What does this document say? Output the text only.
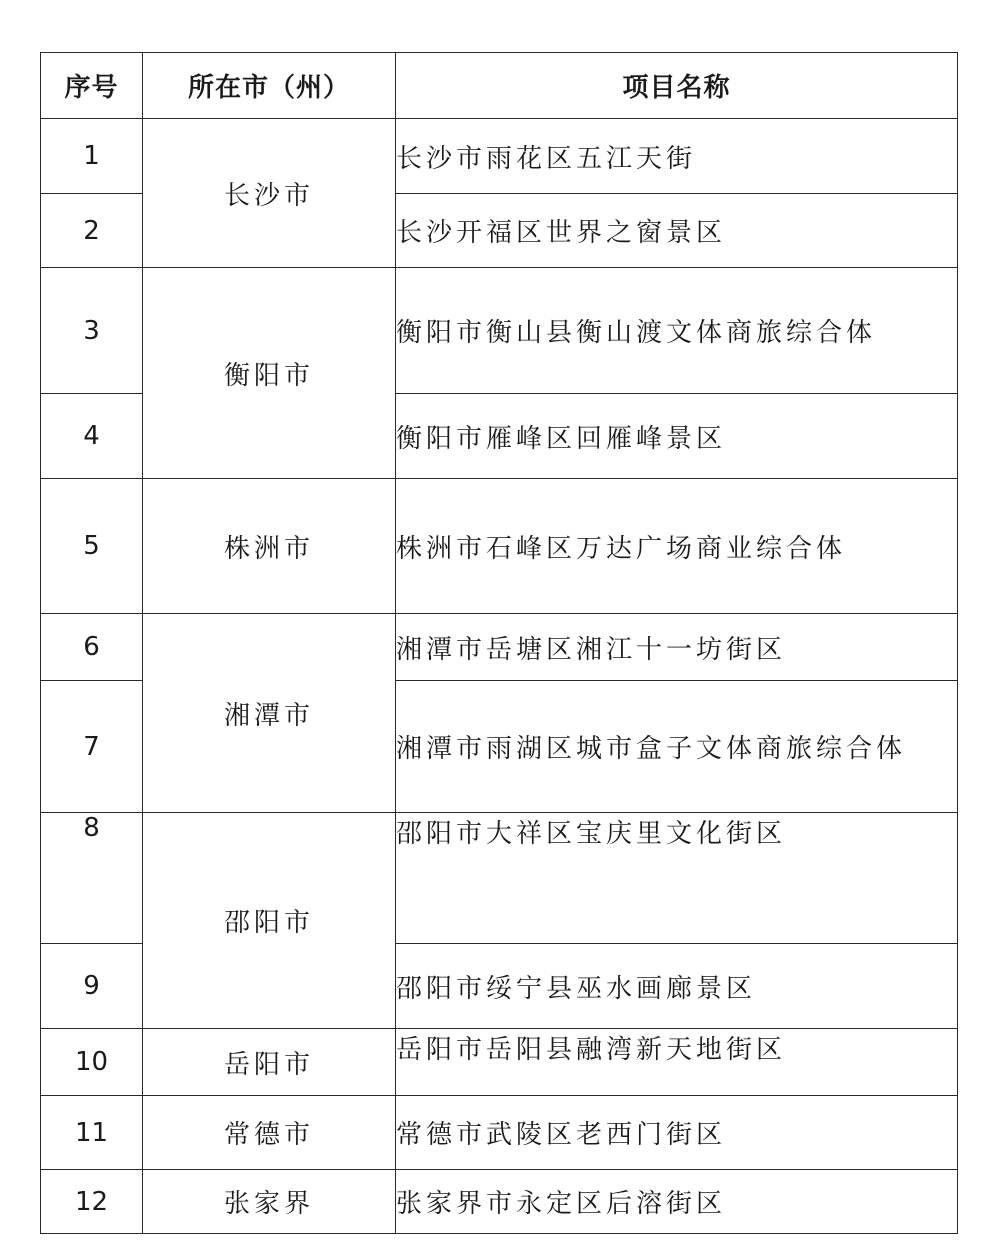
序号	所在市（州）	项目名称
1	长沙市	长沙市雨花区五江天街
2		长沙开福区世界之窗景区
3	衡阳市	衡阳市衡山县衡山渡文体商旅综合体
4		衡阳市雁峰区回雁峰景区
5	株洲市	株洲市石峰区万达广场商业综合体
6	湘潭市	湘潭市岳塘区湘江十一坊街区
7		湘潭市雨湖区城市盒子文体商旅综合体
8	邵阳市	邵阳市大祥区宝庆里文化街区
9		邵阳市绥宁县巫水画廊景区
10	岳阳市	岳阳市岳阳县融湾新天地街区
11	常德市	常德市武陵区老西门街区
12	张家界	张家界市永定区后溶街区
